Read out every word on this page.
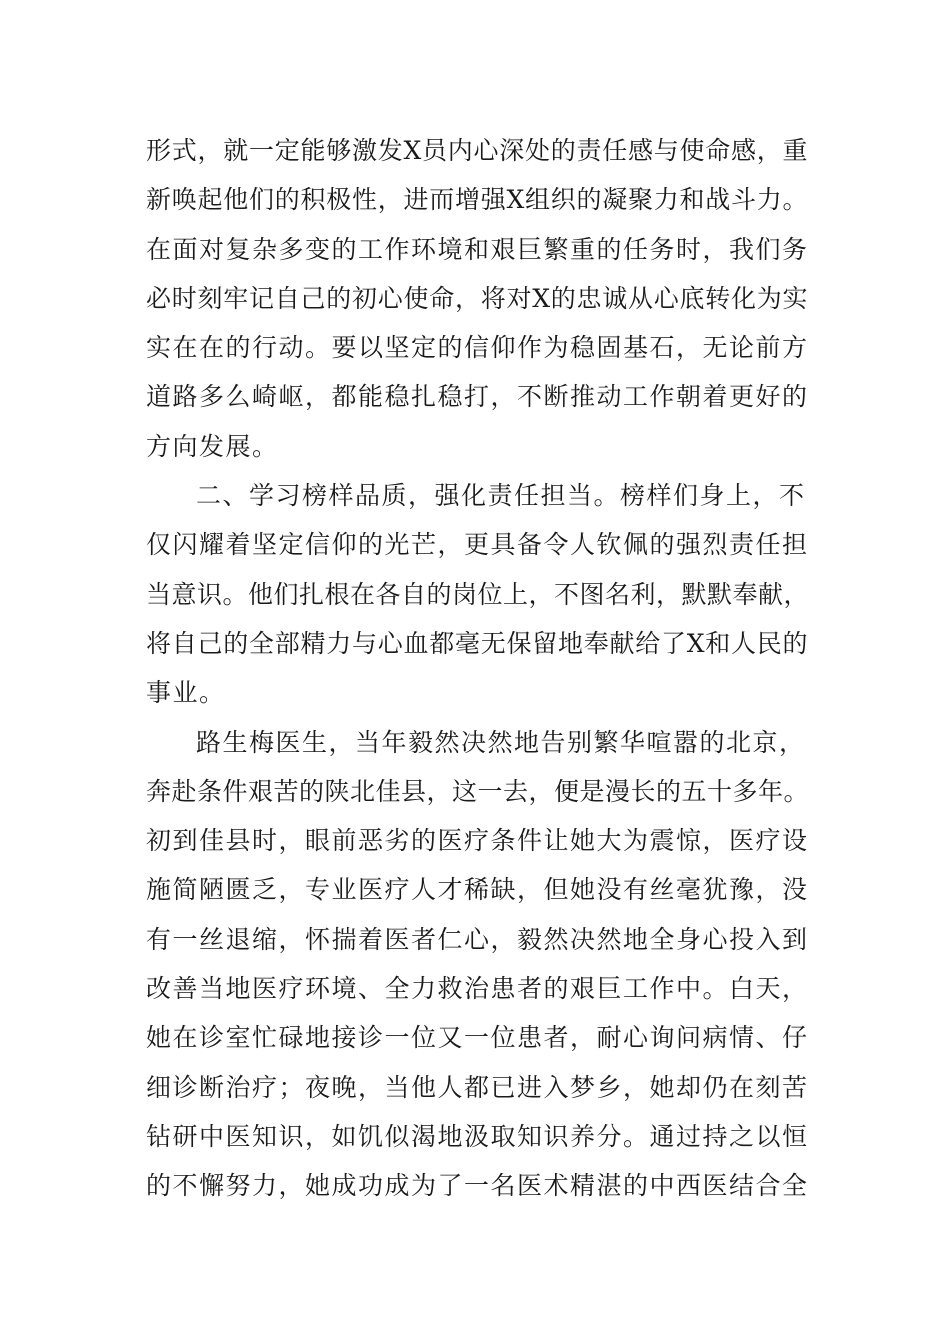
形式，就一定能够激发X员内心深处的责任感与使命感，重
新唤起他们的积极性，进而增强X组织的凝聚力和战斗力。
在面对复杂多变的工作环境和艰巨繁重的任务时，我们务
必时刻牢记自己的初心使命，将对X的忠诚从心底转化为实
实在在的行动。要以坚定的信仰作为稳固基石，无论前方
道路多么崎岖，都能稳扎稳打，不断推动工作朝着更好的
方向发展。
二、学习榜样品质，强化责任担当。榜样们身上，不
仅闪耀着坚定信仰的光芒，更具备令人钦佩的强烈责任担
当意识。他们扎根在各自的岗位上，不图名利，默默奉献，
将自己的全部精力与心血都毫无保留地奉献给了X和人民的
事业。
路生梅医生，当年毅然决然地告别繁华喧嚣的北京，
奔赴条件艰苦的陕北佳县，这一去，便是漫长的五十多年。
初到佳县时，眼前恶劣的医疗条件让她大为震惊，医疗设
施简陋匮乏，专业医疗人才稀缺，但她没有丝毫犹豫，没
有一丝退缩，怀揣着医者仁心，毅然决然地全身心投入到
改善当地医疗环境、全力救治患者的艰巨工作中。白天，
她在诊室忙碌地接诊一位又一位患者，耐心询问病情、仔
细诊断治疗；夜晚，当他人都已进入梦乡，她却仍在刻苦
钻研中医知识，如饥似渴地汲取知识养分。通过持之以恒
的不懈努力，她成功成为了一名医术精湛的中西医结合全
